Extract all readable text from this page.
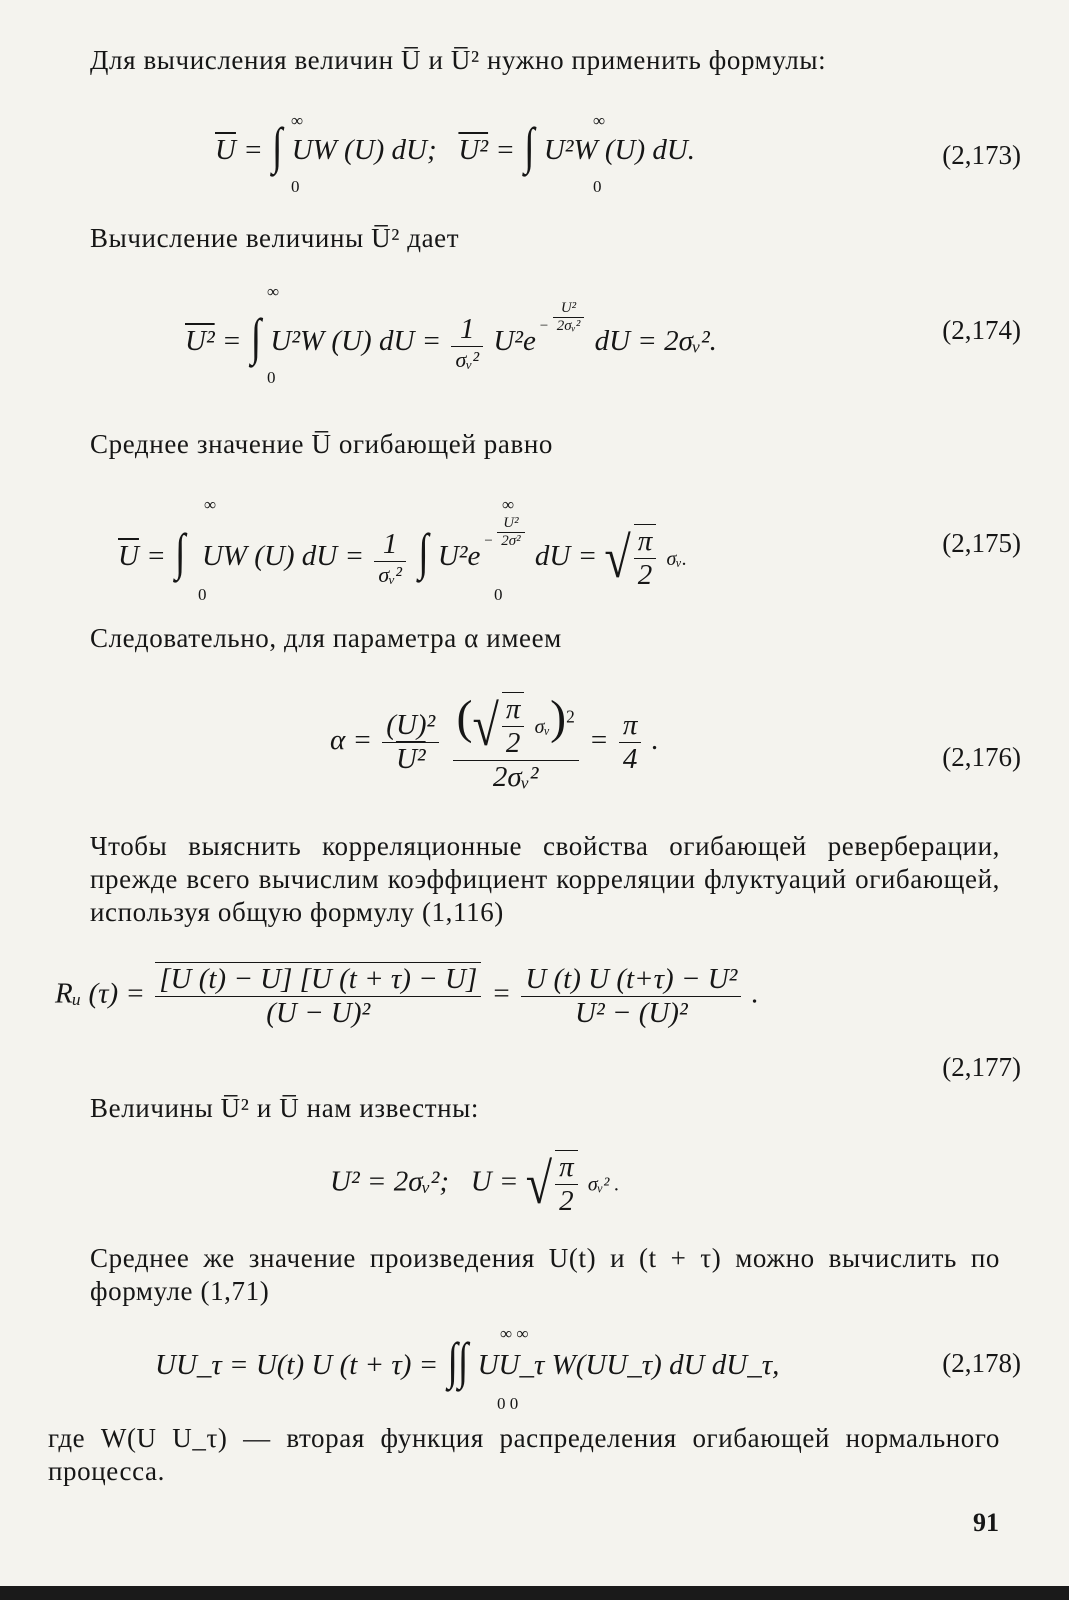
Для вычисления величин U̅ и U̅² нужно применить формулы:
$\overline{U}$ = ∫ UW (U) dU; U² = ∫ U²W (U) dU.
∞
0
∞
0
(2,173)
Вычисление величины U̅² дает
U² = ∫ U²W (U) dU = $\frac{1}{\text{σᵥ²}} U^2e - \frac{\text{U²}}{\text{2σᵥ²}}$
dU = 2σᵥ².
∞
0
(2,174)
Среднее значение U̅ огибающей равно
$\overline{U}$ = ∫ UW (U) dU = $\frac{1}{\text{σᵥ²}}$ ∫ $U^2e - \frac{\text{U²}}{\text{2σ²}}$
dU = √ $\frac{\pi}{2}$ σᵥ.
∞
0
∞
0
(2,175)
Следовательно, для параметра α имеем
$\alpha = \frac{\text{(U)²}}{\text{U²}}$
$\frac{(√ \frac{\pi}{2} \sigma ᵥ)^2}{\text{2σᵥ²}} = \frac{\pi}{4}$ .
(2,176)
Чтобы выяснить корреляционные свойства огибающей реверберации, прежде всего вычислим коэффициент корреляции флуктуаций огибающей, используя общую формулу (1,116)
Rᵤ $(\tau) = \frac{[U (t) - U] [U (t + \tau) - U]}{\text{(U − U)²}} = \frac{\text{U (t) U (t+τ) − U²}}{\text{U² − (U)²}}$ .
(2,177)
Величины U̅² и U̅ нам известны:
U² = 2σᵥ²; U = √ $\frac{\pi}{2}$ σᵥ² .
Среднее же значение произведения U(t) и (t + τ) можно вычислить по формуле (1,71)
UU_τ = U(t) U (t + τ) = ∫∫ UU_τ W(UU_τ) dU dU_τ,
∞ ∞
0 0
(2,178)
где W(U U_τ) — вторая функция распределения огибающей нормального процесса.
91
